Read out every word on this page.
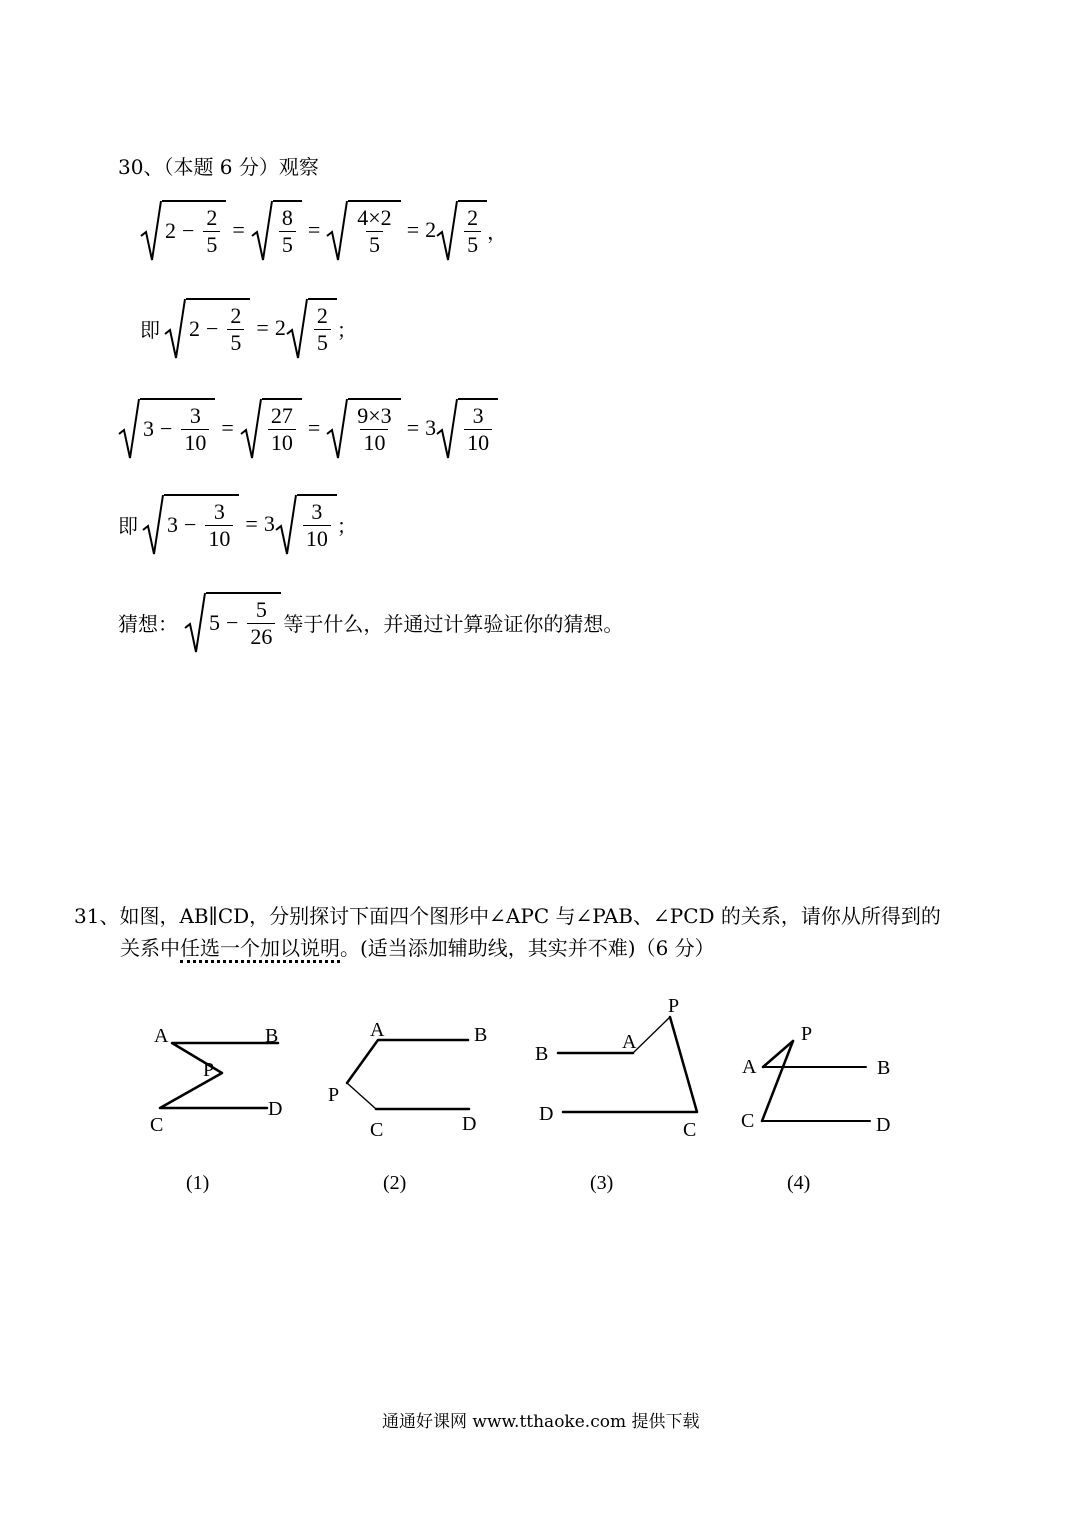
30、（本题 6 分）观察
$2 - \frac{2}{5} = \frac{8}{5} = \frac{4\times 2}{5} = 2 \frac{2}{5}$ ，
即 $2 - \frac{2}{5} = 2 \frac{2}{5}$ ；
$3 - \frac{3}{10} = \frac{27}{10} = \frac{9\times 3}{10} = 3 \frac{3}{10}$
即 $3 - \frac{3}{10} = 3 \frac{3}{10}$ ；
猜想： $5 - \frac{5}{26}$ 等于什么，并通过计算验证你的猜想。
31、如图，AB∥CD，分别探讨下面四个图形中∠APC 与∠PAB、∠PCD 的关系，请你从所得到的
关系中任选一个加以说明。(适当添加辅助线，其实并不难)（6 分）
A	B
P
C
D
(1)
A	B
P
C	D
(2)
B
A
P
D
C
(3)
A
P
B
C	D
(4)
通通好课网 www.tthaoke.com 提供下载
